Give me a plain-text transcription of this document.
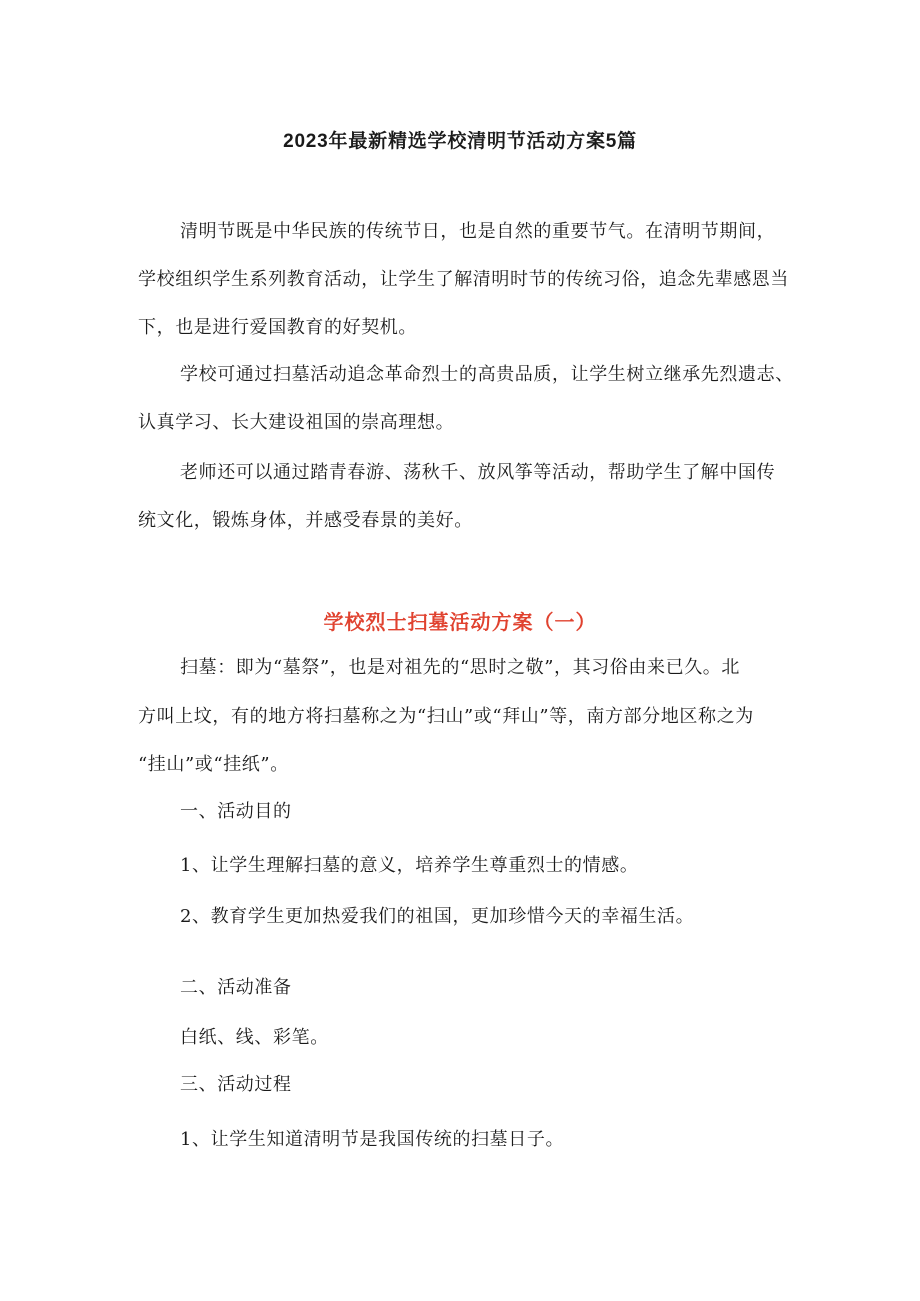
2023年最新精选学校清明节活动方案5篇

清明节既是中华民族的传统节日，也是自然的重要节气。在清明节期间，

学校组织学生系列教育活动，让学生了解清明时节的传统习俗，追念先辈感恩当

下，也是进行爱国教育的好契机。

学校可通过扫墓活动追念革命烈士的高贵品质，让学生树立继承先烈遗志、

认真学习、长大建设祖国的崇高理想。

老师还可以通过踏青春游、荡秋千、放风筝等活动，帮助学生了解中国传

统文化，锻炼身体，并感受春景的美好。

学校烈士扫墓活动方案（一）

扫墓：即为“墓祭”，也是对祖先的“思时之敬”，其习俗由来已久。北

方叫上坟，有的地方将扫墓称之为“扫山”或“拜山”等，南方部分地区称之为

“挂山”或“挂纸”。

一、活动目的

1、让学生理解扫墓的意义，培养学生尊重烈士的情感。

2、教育学生更加热爱我们的祖国，更加珍惜今天的幸福生活。

二、活动准备

白纸、线、彩笔。

三、活动过程

1、让学生知道清明节是我国传统的扫墓日子。
